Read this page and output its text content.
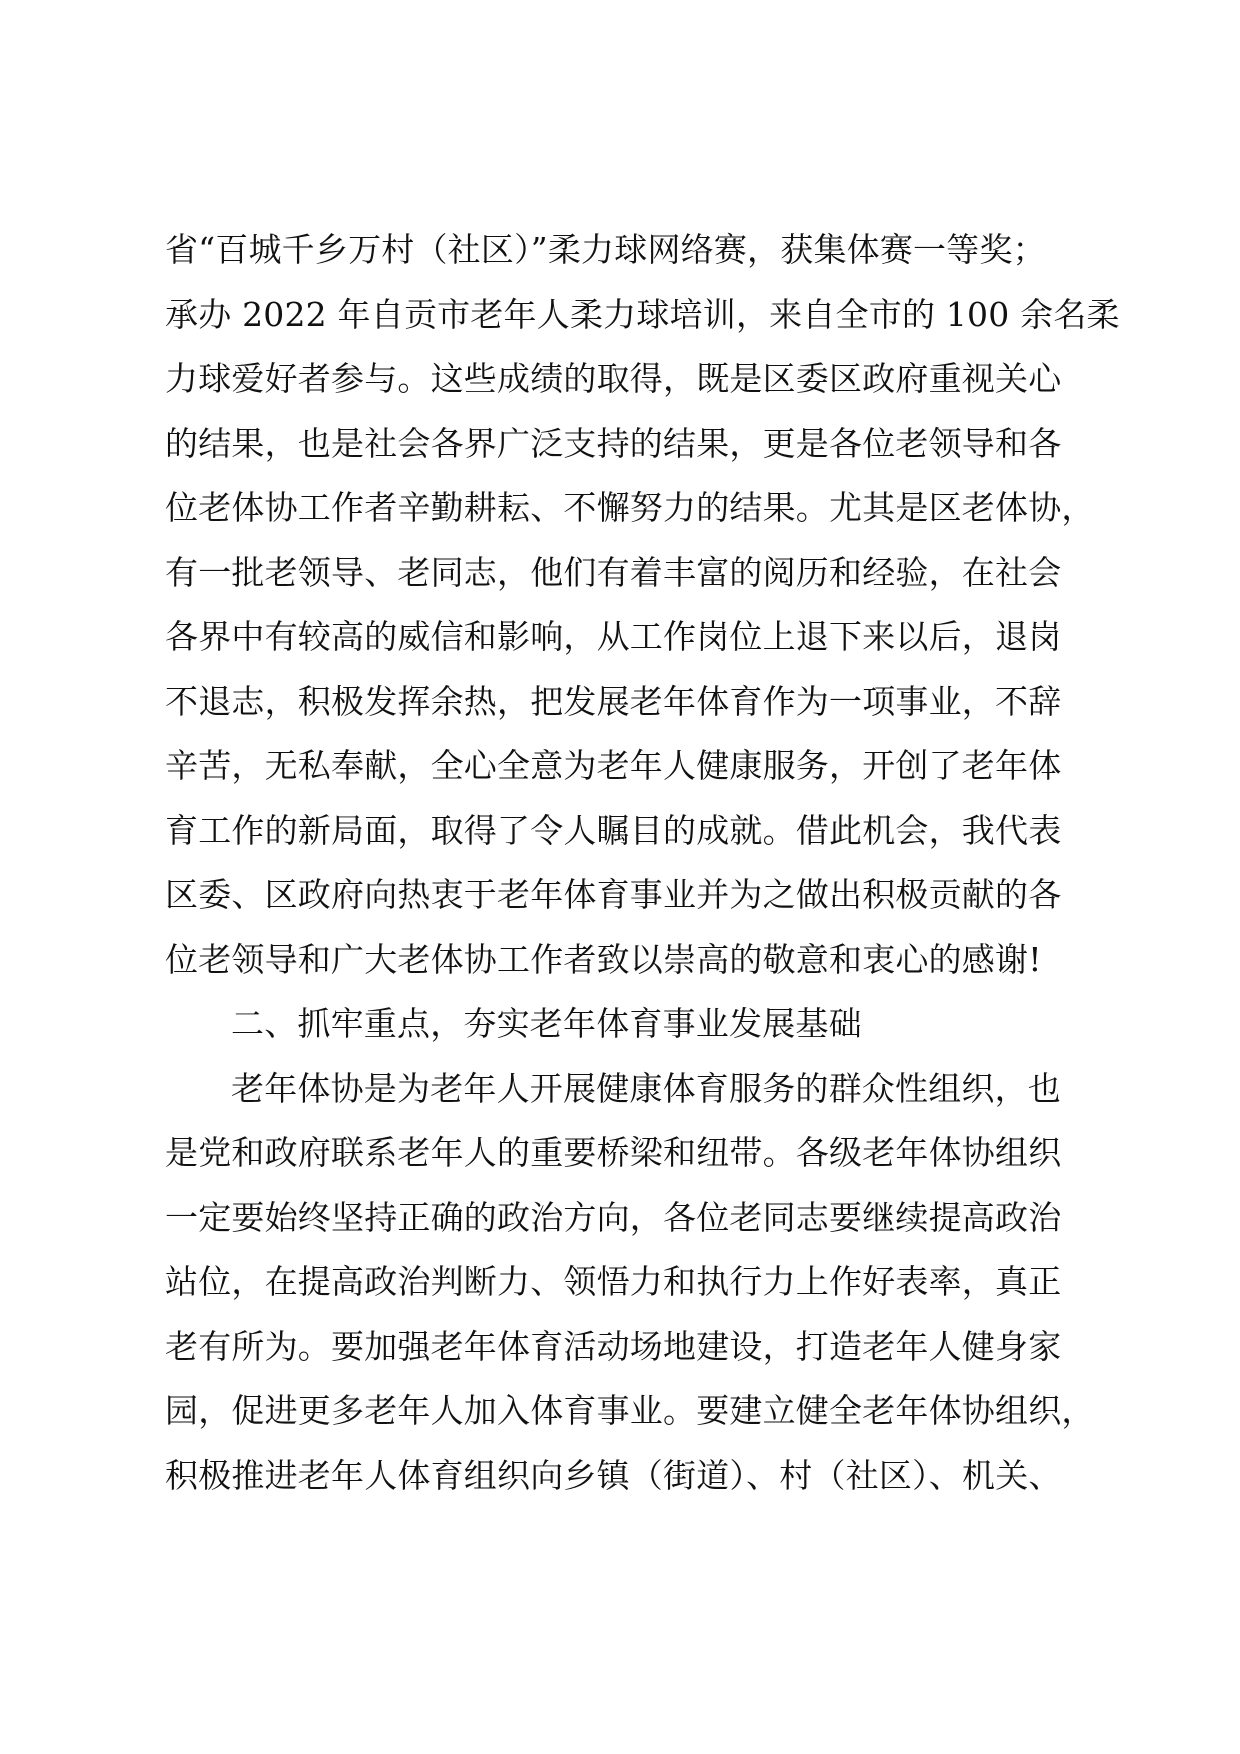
省“百城千乡万村（社区）”柔力球网络赛，获集体赛一等奖；
承办 2022 年自贡市老年人柔力球培训，来自全市的 100 余名柔
力球爱好者参与。这些成绩的取得，既是区委区政府重视关心
的结果，也是社会各界广泛支持的结果，更是各位老领导和各
位老体协工作者辛勤耕耘、不懈努力的结果。尤其是区老体协，
有一批老领导、老同志，他们有着丰富的阅历和经验，在社会
各界中有较高的威信和影响，从工作岗位上退下来以后，退岗
不退志，积极发挥余热，把发展老年体育作为一项事业，不辞
辛苦，无私奉献，全心全意为老年人健康服务，开创了老年体
育工作的新局面，取得了令人瞩目的成就。借此机会，我代表
区委、区政府向热衷于老年体育事业并为之做出积极贡献的各
位老领导和广大老体协工作者致以崇高的敬意和衷心的感谢!
二、抓牢重点，夯实老年体育事业发展基础
老年体协是为老年人开展健康体育服务的群众性组织，也
是党和政府联系老年人的重要桥梁和纽带。各级老年体协组织
一定要始终坚持正确的政治方向，各位老同志要继续提高政治
站位，在提高政治判断力、领悟力和执行力上作好表率，真正
老有所为。要加强老年体育活动场地建设，打造老年人健身家
园，促进更多老年人加入体育事业。要建立健全老年体协组织，
积极推进老年人体育组织向乡镇（街道）、村（社区）、机关、
